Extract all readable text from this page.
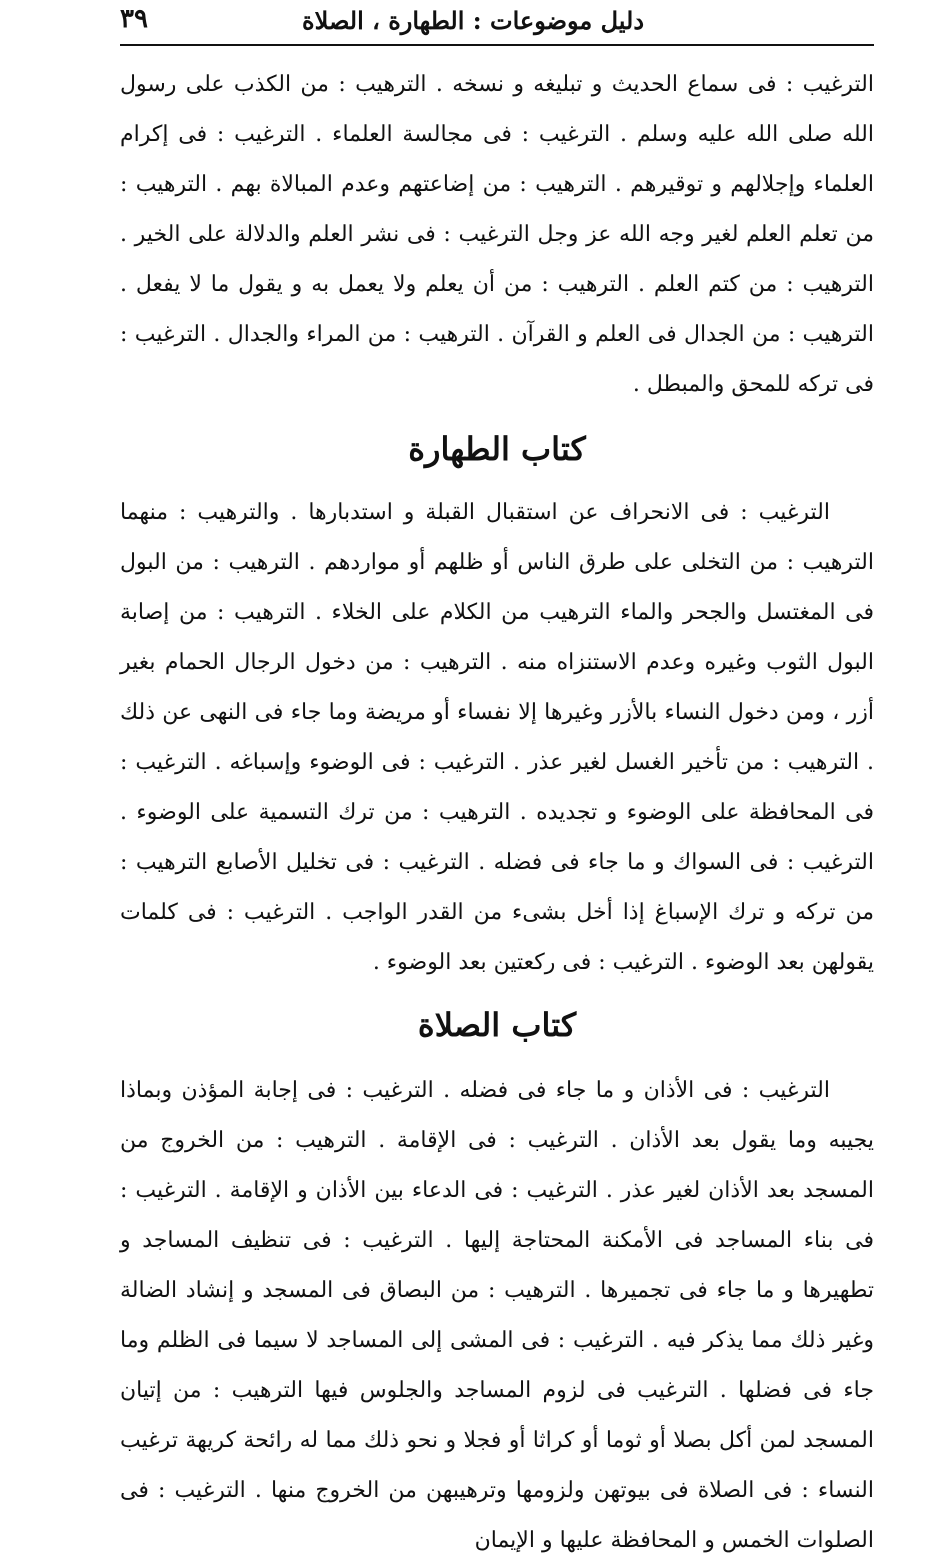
دليل موضوعات : الطهارة ، الصلاة
٣٩

الترغيب : فى سماع الحديث و تبليغه و نسخه . الترهيب : من الكذب على رسول الله صلى الله عليه وسلم . الترغيب : فى مجالسة العلماء . الترغيب : فى إكرام العلماء وإجلالهم و توقيرهم . الترهيب : من إضاعتهم وعدم المبالاة بهم . الترهيب : من تعلم العلم لغير وجه الله عز وجل الترغيب : فى نشر العلم والدلالة على الخير . الترهيب : من كتم العلم . الترهيب : من أن يعلم ولا يعمل به و يقول ما لا يفعل . الترهيب : من الجدال فى العلم و القرآن . الترهيب : من المراء والجدال . الترغيب : فى تركه للمحق والمبطل .

كتاب الطهارة

الترغيب : فى الانحراف عن استقبال القبلة و استدبارها . والترهيب : منهما الترهيب : من التخلى على طرق الناس أو ظلهم أو مواردهم . الترهيب : من البول فى المغتسل والجحر والماء الترهيب من الكلام على الخلاء . الترهيب : من إصابة البول الثوب وغيره وعدم الاستنزاه منه . الترهيب : من دخول الرجال الحمام بغير أزر ، ومن دخول النساء بالأزر وغيرها إلا نفساء أو مريضة وما جاء فى النهى عن ذلك . الترهيب : من تأخير الغسل لغير عذر . الترغيب : فى الوضوء وإسباغه . الترغيب : فى المحافظة على الوضوء و تجديده . الترهيب : من ترك التسمية على الوضوء . الترغيب : فى السواك و ما جاء فى فضله . الترغيب : فى تخليل الأصابع الترهيب : من تركه و ترك الإسباغ إذا أخل بشىء من القدر الواجب . الترغيب : فى كلمات يقولهن بعد الوضوء . الترغيب : فى ركعتين بعد الوضوء .

كتاب الصلاة

الترغيب : فى الأذان و ما جاء فى فضله . الترغيب : فى إجابة المؤذن وبماذا يجيبه وما يقول بعد الأذان . الترغيب : فى الإقامة . الترهيب : من الخروج من المسجد بعد الأذان لغير عذر . الترغيب : فى الدعاء بين الأذان و الإقامة . الترغيب : فى بناء المساجد فى الأمكنة المحتاجة إليها . الترغيب : فى تنظيف المساجد و تطهيرها و ما جاء فى تجميرها . الترهيب : من البصاق فى المسجد و إنشاد الضالة وغير ذلك مما يذكر فيه . الترغيب : فى المشى إلى المساجد لا سيما فى الظلم وما جاء فى فضلها . الترغيب فى لزوم المساجد والجلوس فيها الترهيب : من إتيان المسجد لمن أكل بصلا أو ثوما أو كراثا أو فجلا و نحو ذلك مما له رائحة كريهة ترغيب النساء : فى الصلاة فى بيوتهن ولزومها وترهيبهن من الخروج منها . الترغيب : فى الصلوات الخمس و المحافظة عليها و الإيمان
